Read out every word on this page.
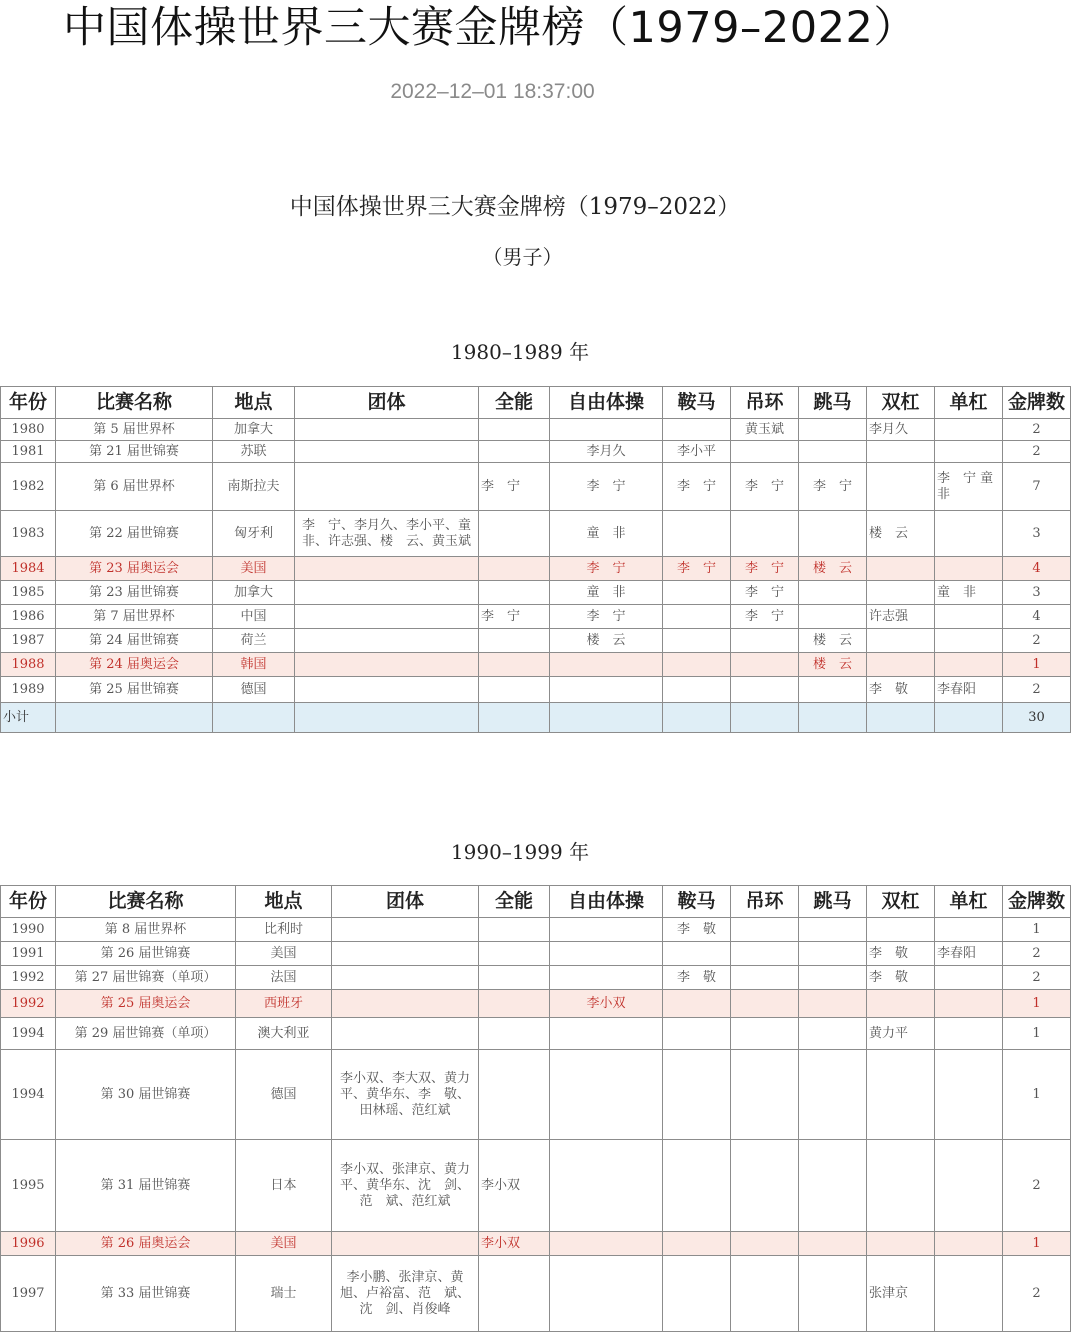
中国体操世界三大赛金牌榜（1979–2022）
2022–12–01 18:37:00
中国体操世界三大赛金牌榜（1979–2022）
（男子）
1980–1989 年
年份	比赛名称	地点	团体	全能	自由体操	鞍马	吊环	跳马	双杠	单杠	金牌数
1980	第 5 届世界杯	加拿大					黄玉斌		李月久		2
1981	第 21 届世锦赛	苏联			李月久	李小平					2
1982	第 6 届世界杯	南斯拉夫		李　宁	李　宁	李　宁	李　宁	李　宁		李　宁 童　非	7
1983	第 22 届世锦赛	匈牙利	李　宁、李月久、李小平、童　非、许志强、楼　云、黄玉斌		童　非				楼　云		3
1984	第 23 届奥运会	美国			李　宁	李　宁	李　宁	楼　云			4
1985	第 23 届世锦赛	加拿大			童　非		李　宁			童　非	3
1986	第 7 届世界杯	中国		李　宁	李　宁		李　宁		许志强		4
1987	第 24 届世锦赛	荷兰			楼　云			楼　云			2
1988	第 24 届奥运会	韩国						楼　云			1
1989	第 25 届世锦赛	德国							李　敬	李春阳	2
小计											30
1990–1999 年
年份	比赛名称	地点	团体	全能	自由体操	鞍马	吊环	跳马	双杠	单杠	金牌数
1990	第 8 届世界杯	比利时				李　敬					1
1991	第 26 届世锦赛	美国							李　敬	李春阳	2
1992	第 27 届世锦赛（单项）	法国				李　敬			李　敬		2
1992	第 25 届奥运会	西班牙			李小双						1
1994	第 29 届世锦赛（单项）	澳大利亚							黄力平		1
1994	第 30 届世锦赛	德国	李小双、李大双、黄力平、黄华东、李　敬、田林瑶、范红斌								1
1995	第 31 届世锦赛	日本	李小双、张津京、黄力平、黄华东、沈　剑、范　斌、范红斌	李小双							2
1996	第 26 届奥运会	美国		李小双							1
1997	第 33 届世锦赛	瑞士	李小鹏、张津京、黄　旭、卢裕富、范　斌、沈　剑、肖俊峰						张津京		2
